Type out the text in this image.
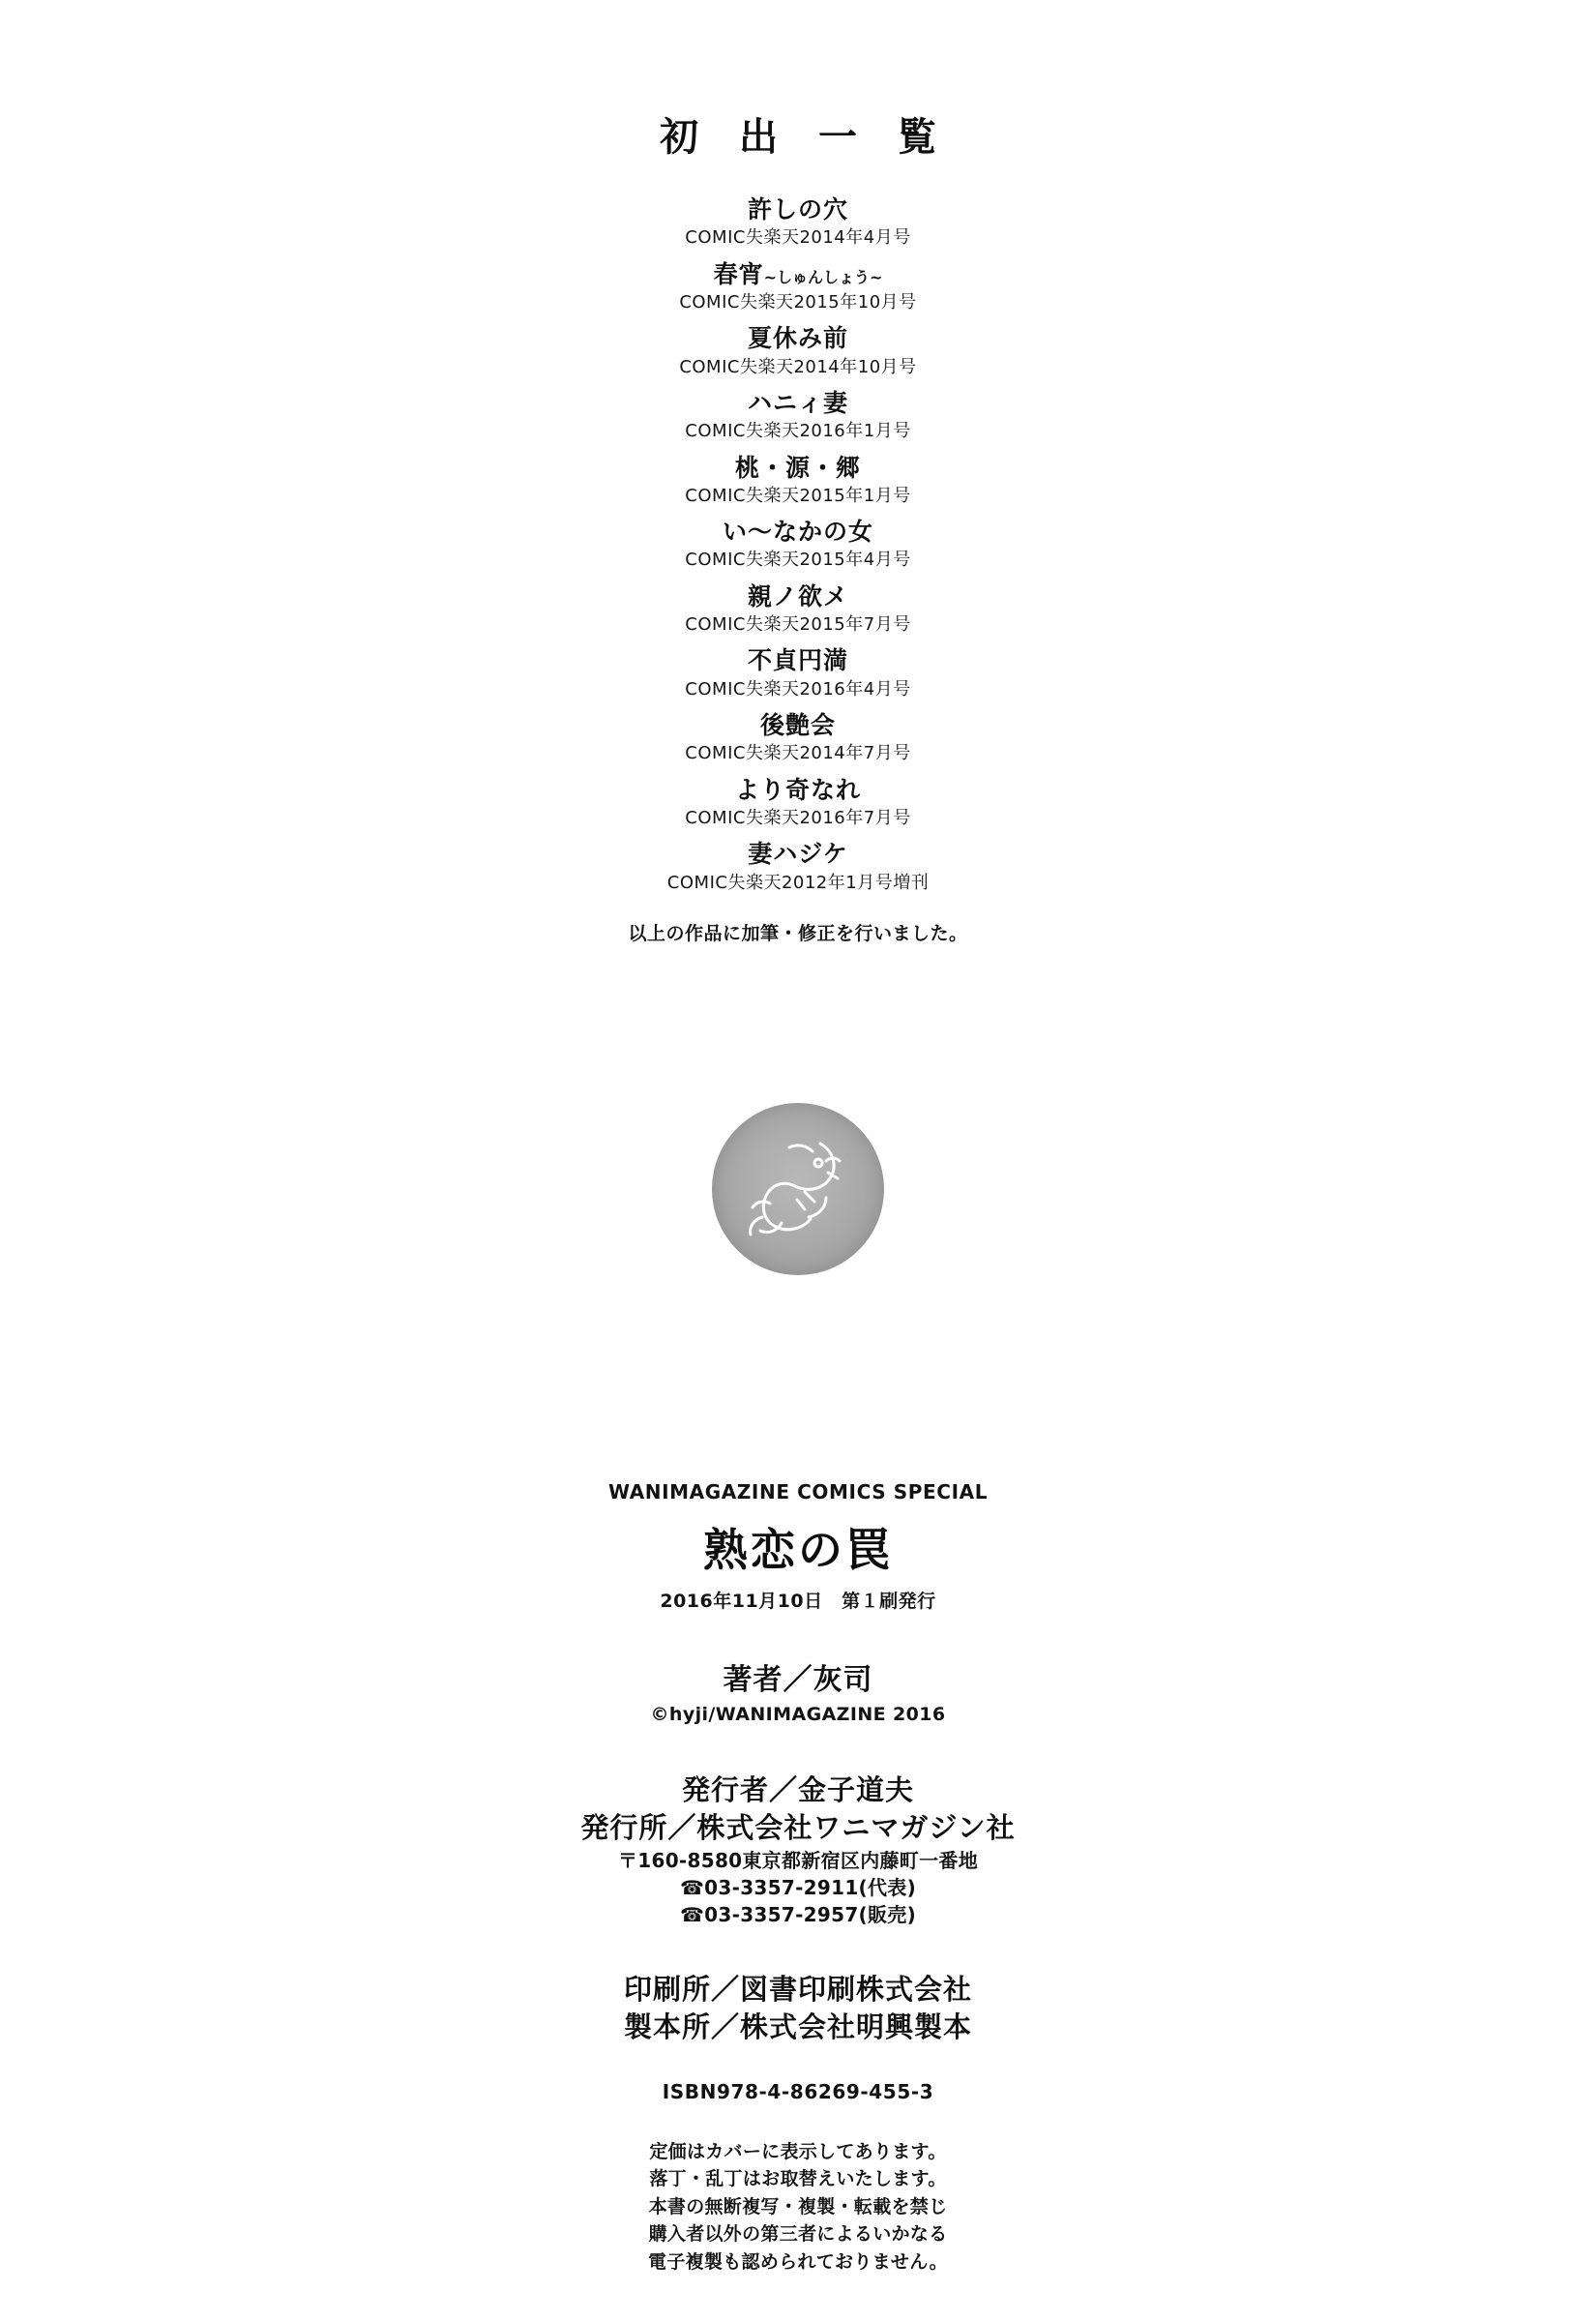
初 出 一 覧
許しの穴
COMIC失楽天2014年4月号
春宵~しゅんしょう~
COMIC失楽天2015年10月号
夏休み前
COMIC失楽天2014年10月号
ハニィ妻
COMIC失楽天2016年1月号
桃・源・郷
COMIC失楽天2015年1月号
い～なかの女
COMIC失楽天2015年4月号
親ノ欲メ
COMIC失楽天2015年7月号
不貞円満
COMIC失楽天2016年4月号
後艶会
COMIC失楽天2014年7月号
より奇なれ
COMIC失楽天2016年7月号
妻ハジケ
COMIC失楽天2012年1月号増刊
以上の作品に加筆・修正を行いました。
WANIMAGAZINE COMICS SPECIAL
熟恋の罠
2016年11月10日　第１刷発行
著者／灰司
©hyji/WANIMAGAZINE 2016
発行者／金子道夫
発行所／株式会社ワニマガジン社
〒160-8580東京都新宿区内藤町一番地
☎03-3357-2911(代表)
☎03-3357-2957(販売)
印刷所／図書印刷株式会社
製本所／株式会社明興製本
ISBN978-4-86269-455-3
定価はカバーに表示してあります。
落丁・乱丁はお取替えいたします。
本書の無断複写・複製・転載を禁じ
購入者以外の第三者によるいかなる
電子複製も認められておりません。
